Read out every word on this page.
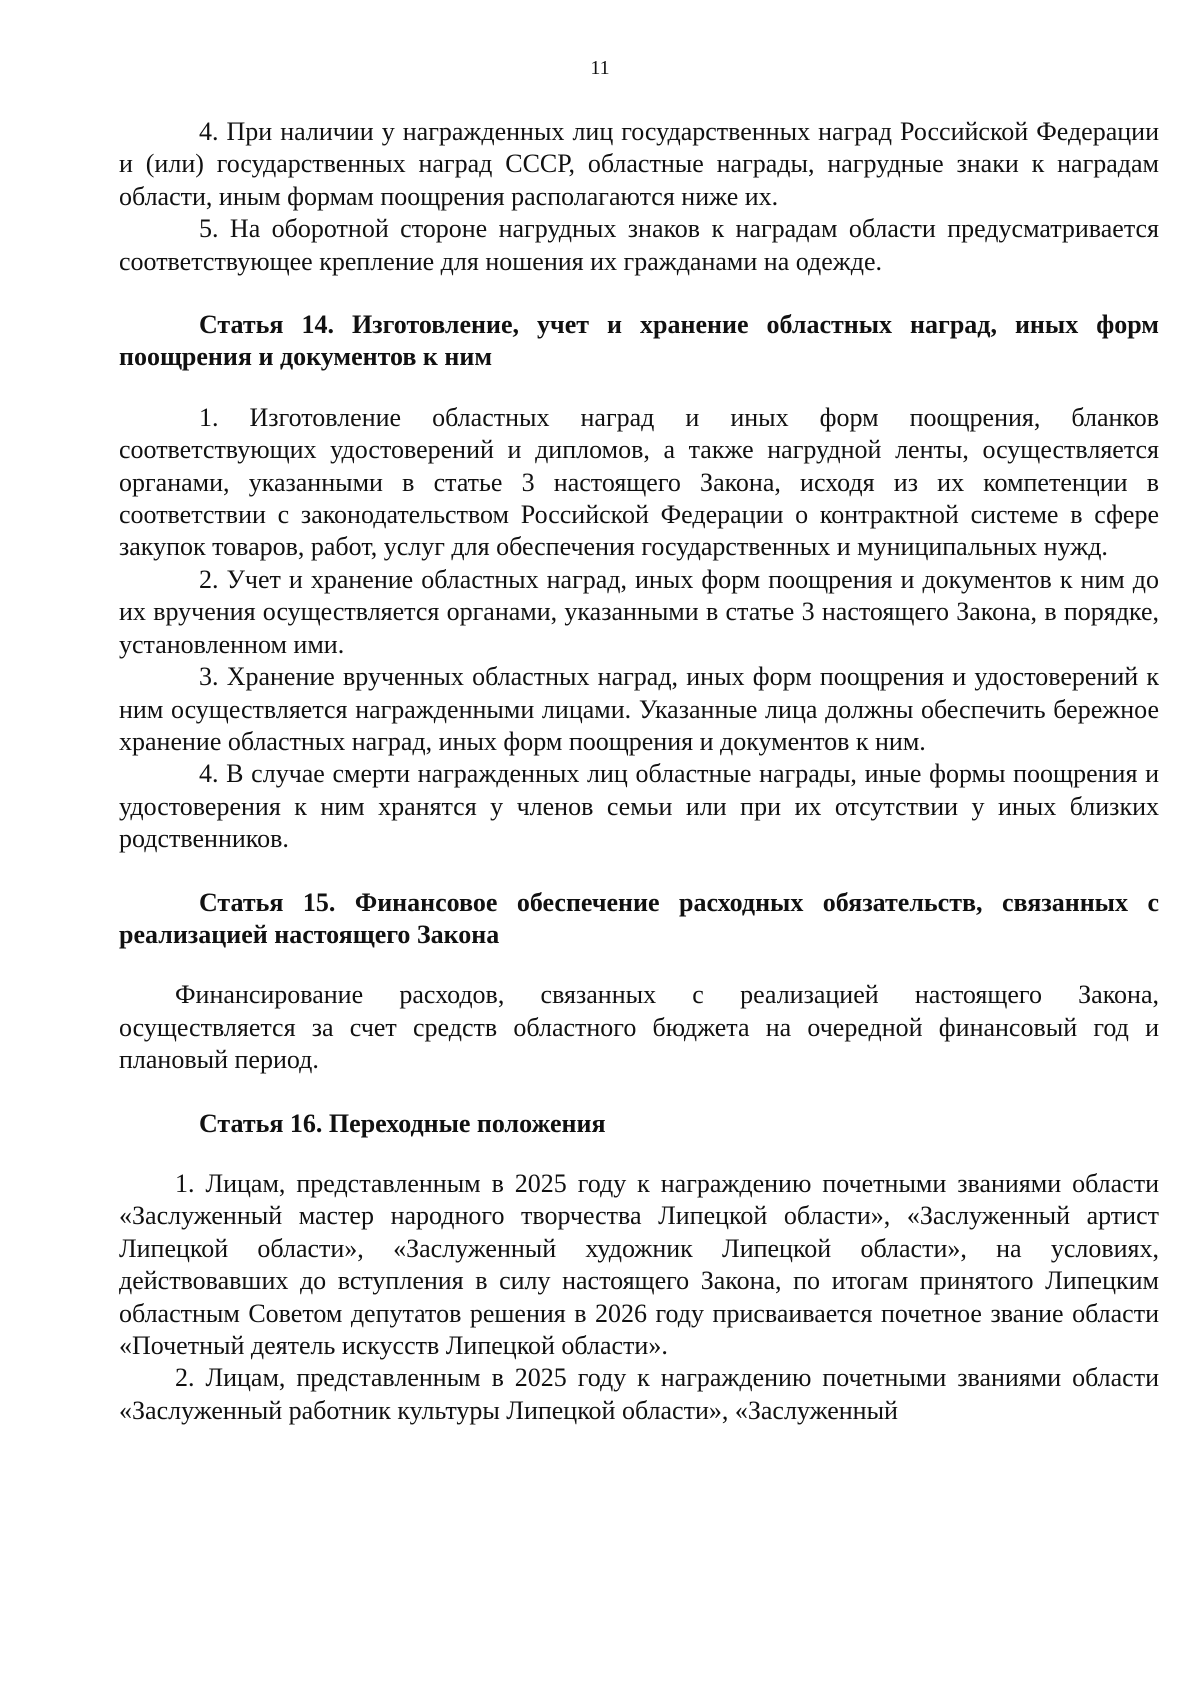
11

4. При наличии у награжденных лиц государственных наград Российской Федерации и (или) государственных наград СССР, областные награды, нагрудные знаки к наградам области, иным формам поощрения располагаются ниже их.

5. На оборотной стороне нагрудных знаков к наградам области предусматривается соответствующее крепление для ношения их гражданами на одежде.

Статья 14. Изготовление, учет и хранение областных наград, иных форм поощрения и документов к ним

1. Изготовление областных наград и иных форм поощрения, бланков соответствующих удостоверений и дипломов, а также нагрудной ленты, осуществляется органами, указанными в статье 3 настоящего Закона, исходя из их компетенции в соответствии с законодательством Российской Федерации о контрактной системе в сфере закупок товаров, работ, услуг для обеспечения государственных и муниципальных нужд.

2. Учет и хранение областных наград, иных форм поощрения и документов к ним до их вручения осуществляется органами, указанными в статье 3 настоящего Закона, в порядке, установленном ими.

3. Хранение врученных областных наград, иных форм поощрения и удостоверений к ним осуществляется награжденными лицами. Указанные лица должны обеспечить бережное хранение областных наград, иных форм поощрения и документов к ним.

4. В случае смерти награжденных лиц областные награды, иные формы поощрения и удостоверения к ним хранятся у членов семьи или при их отсутствии у иных близких родственников.

Статья 15. Финансовое обеспечение расходных обязательств, связанных с реализацией настоящего Закона

Финансирование расходов, связанных с реализацией настоящего Закона, осуществляется за счет средств областного бюджета на очередной финансовый год и плановый период.

Статья 16. Переходные положения

1. Лицам, представленным в 2025 году к награждению почетными званиями области «Заслуженный мастер народного творчества Липецкой области», «Заслуженный артист Липецкой области», «Заслуженный художник Липецкой области», на условиях, действовавших до вступления в силу настоящего Закона, по итогам принятого Липецким областным Советом депутатов решения в 2026 году присваивается почетное звание области «Почетный деятель искусств Липецкой области».

2. Лицам, представленным в 2025 году к награждению почетными званиями области «Заслуженный работник культуры Липецкой области», «Заслуженный
